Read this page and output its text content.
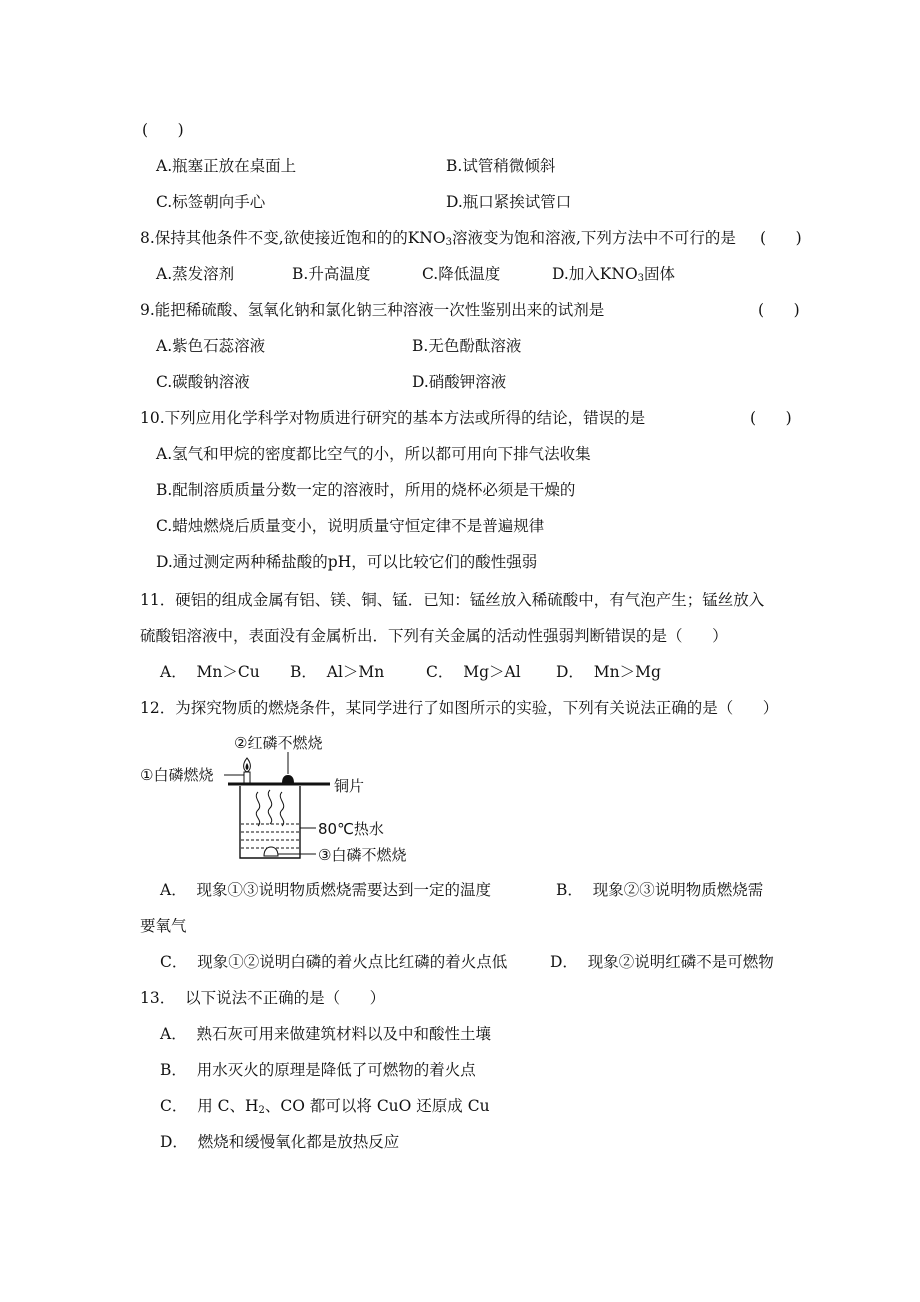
(      )
A.瓶塞正放在桌面上	B.试管稍微倾斜
C.标签朝向手心	D.瓶口紧挨试管口
8.保持其他条件不变,欲使接近饱和的的$KNO_3$溶液变为饱和溶液,下列方法中不可行的是 (      )
A.蒸发溶剂	B.升高温度	C.降低温度	D.加入$KNO_3$固体
9.能把稀硫酸、氢氧化钠和氯化钠三种溶液一次性鉴别出来的试剂是	(      )
A.紫色石蕊溶液	B.无色酚酞溶液
C.碳酸钠溶液	D.硝酸钾溶液
10.下列应用化学科学对物质进行研究的基本方法或所得的结论，错误的是	(      )
A.氢气和甲烷的密度都比空气的小，所以都可用向下排气法收集
B.配制溶质质量分数一定的溶液时，所用的烧杯必须是干燥的
C.蜡烛燃烧后质量变小，说明质量守恒定律不是普遍规律
D.通过测定两种稀盐酸的pH，可以比较它们的酸性强弱
11．硬铝的组成金属有铝、镁、铜、锰．已知：锰丝放入稀硫酸中，有气泡产生；锰丝放入
硫酸铝溶液中，表面没有金属析出．下列有关金属的活动性强弱判断错误的是（      ）
A．  Mn＞Cu B．  Al＞Mn	C．  Mg＞Al D．  Mn＞Mg
12．为探究物质的燃烧条件，某同学进行了如图所示的实验，下列有关说法正确的是（      ）
①白磷燃烧
②红磷不燃烧
铜片
80℃热水
③白磷不燃烧
A．  现象①③说明物质燃烧需要达到一定的温度	B．  现象②③说明物质燃烧需
要氧气
C．  现象①②说明白磷的着火点比红磷的着火点低	D．  现象②说明红磷不是可燃物
13．  以下说法不正确的是（      ）
A．  熟石灰可用来做建筑材料以及中和酸性土壤
B．  用水灭火的原理是降低了可燃物的着火点
C．  用 C、$H_2$、CO 都可以将 CuO 还原成 Cu
D．  燃烧和缓慢氧化都是放热反应
